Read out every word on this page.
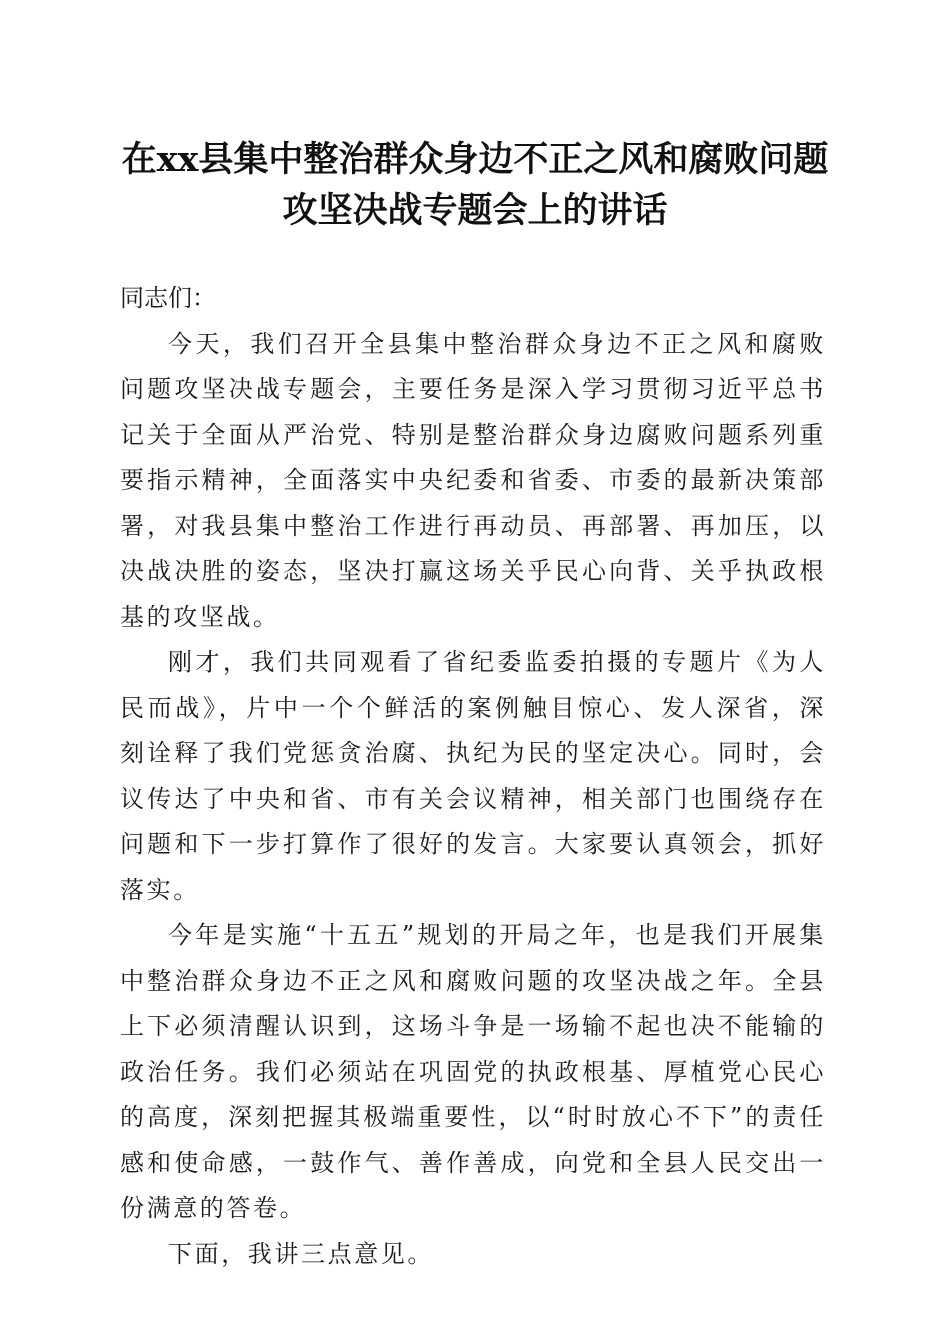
在xx县集中整治群众身边不正之风和腐败问题攻坚决战专题会上的讲话

同志们：

今天，我们召开全县集中整治群众身边不正之风和腐败问题攻坚决战专题会，主要任务是深入学习贯彻习近平总书记关于全面从严治党、特别是整治群众身边腐败问题系列重要指示精神，全面落实中央纪委和省委、市委的最新决策部署，对我县集中整治工作进行再动员、再部署、再加压，以决战决胜的姿态，坚决打赢这场关乎民心向背、关乎执政根基的攻坚战。

刚才，我们共同观看了省纪委监委拍摄的专题片《为人民而战》，片中一个个鲜活的案例触目惊心、发人深省，深刻诠释了我们党惩贪治腐、执纪为民的坚定决心。同时，会议传达了中央和省、市有关会议精神，相关部门也围绕存在问题和下一步打算作了很好的发言。大家要认真领会，抓好落实。

今年是实施“十五五”规划的开局之年，也是我们开展集中整治群众身边不正之风和腐败问题的攻坚决战之年。全县上下必须清醒认识到，这场斗争是一场输不起也决不能输的政治任务。我们必须站在巩固党的执政根基、厚植党心民心的高度，深刻把握其极端重要性，以“时时放心不下”的责任感和使命感，一鼓作气、善作善成，向党和全县人民交出一份满意的答卷。

下面，我讲三点意见。
